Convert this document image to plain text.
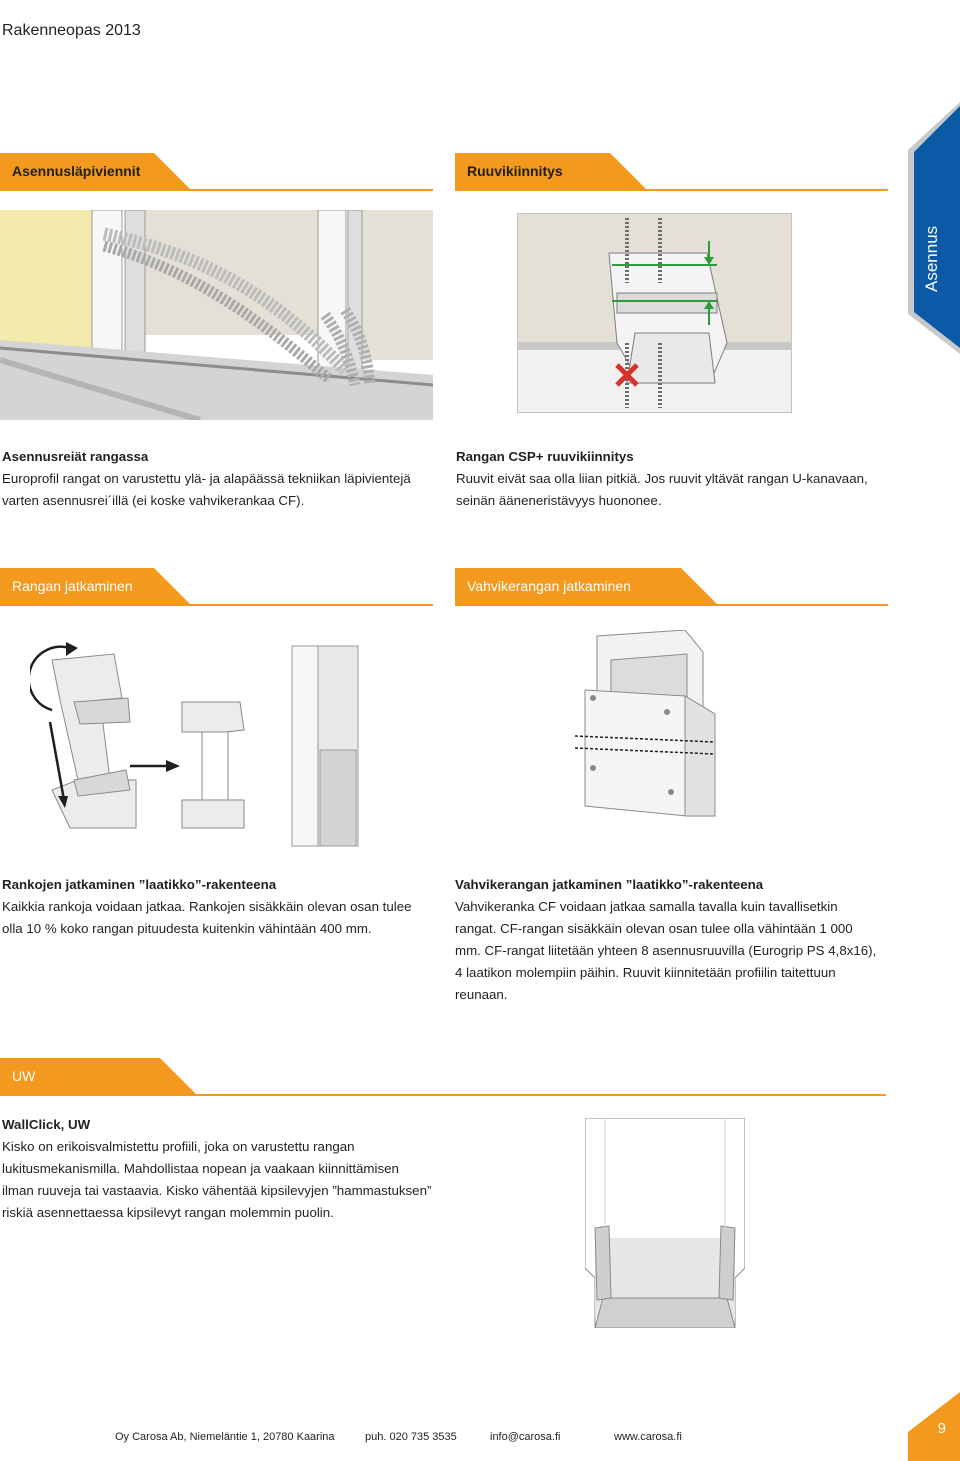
Rakenneopas 2013
Asennus
Asennusläpiviennit

Asennusreiät rangassa

Europrofil rangat on varustettu ylä- ja alapäässä tekniikan läpivientejä varten asennusrei´illä (ei koske vahvikerankaa CF).

Ruuvikiinnitys

Rangan CSP+ ruuvikiinnitys

Ruuvit eivät saa olla liian pitkiä. Jos ruuvit yltävät rangan U-kanavaan, seinän ääneneristävyys huononee.

Rangan jatkaminen

Rankojen jatkaminen ”laatikko”-rakenteena

Kaikkia rankoja voidaan jatkaa. Rankojen sisäkkäin olevan osan tulee olla 10 % koko rangan pituudesta kuitenkin vähintään 400 mm.

Vahvikerangan jatkaminen

Vahvikerangan jatkaminen ”laatikko”-rakenteena

Vahvikeranka CF voidaan jatkaa samalla tavalla kuin tavallisetkin rangat. CF-rangan sisäkkäin olevan osan tulee olla vähintään 1 000 mm. CF-rangat liitetään yhteen 8 asennusruuvilla (Eurogrip PS 4,8x16), 4 laatikon molempiin päihin. Ruuvit kiinnitetään profiilin taitettuun reunaan.

UW

WallClick, UW

Kisko on erikoisvalmistettu profiili, joka on varustettu rangan lukitusmekanismilla. Mahdollistaa nopean ja vaakaan kiinnittämisen ilman ruuveja tai vastaavia. Kisko vähentää kipsilevyjen ”hammastuksen” riskiä asennettaessa kipsilevyt rangan molemmin puolin.

Oy Carosa Ab, Niemeläntie 1, 20780 Kaarina	puh. 020 735 3535	info@carosa.fi	www.carosa.fi	9
